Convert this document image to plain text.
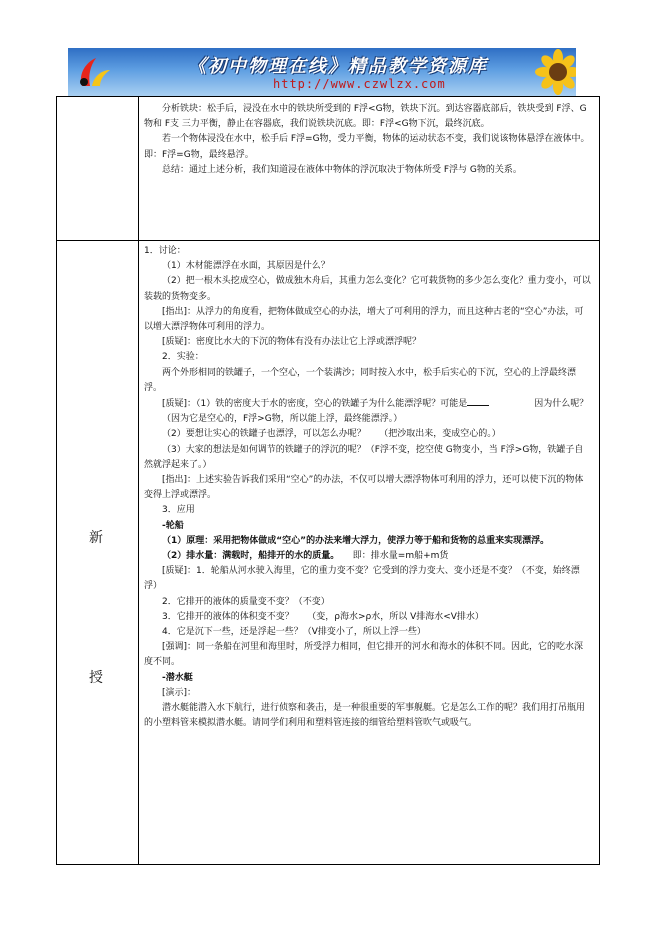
《初中物理在线》精品教学资源库
http://www.czwlzx.com

分析铁块：松手后，浸没在水中的铁块所受到的 F浮<G物，铁块下沉。到达容器底部后，铁块受到 F浮、G物和 F支 三力平衡，静止在容器底，我们说铁块沉底。即：F浮<G物下沉，最终沉底。

若一个物体浸没在水中，松手后 F浮=G物，受力平衡，物体的运动状态不变，我们说该物体悬浮在液体中。即：F浮=G物，最终悬浮。

总结：通过上述分析，我们知道浸在液体中物体的浮沉取决于物体所受 F浮与 G物的关系。

新
授

1．讨论：

（1）木材能漂浮在水面，其原因是什么？

（2）把一根木头挖成空心，做成独木舟后，其重力怎么变化？它可载货物的多少怎么变化？重力变小，可以装载的货物变多。

[指出]：从浮力的角度看，把物体做成空心的办法，增大了可利用的浮力，而且这种古老的“空心”办法，可以增大漂浮物体可利用的浮力。

[质疑]：密度比水大的下沉的物体有没有办法让它上浮或漂浮呢？

2．实验：

两个外形相同的铁罐子，一个空心，一个装满沙；同时按入水中，松手后实心的下沉，空心的上浮最终漂浮。

[质疑]：（1）铁的密度大于水的密度，空心的铁罐子为什么能漂浮呢？可能是　　　　　	因为什么呢？

（因为它是空心的，F浮>G物，所以能上浮，最终能漂浮。）

（2）要想让实心的铁罐子也漂浮，可以怎么办呢？　　（把沙取出来，变成空心的。）

（3）大家的想法是如何调节的铁罐子的浮沉的呢？（F浮不变，挖空使 G物变小，当 F浮>G物，铁罐子自然就浮起来了。）

[指出]：上述实验告诉我们采用“空心”的办法，不仅可以增大漂浮物体可利用的浮力，还可以使下沉的物体变得上浮或漂浮。

3．应用

-轮船

（1）原理：采用把物体做成“空心”的办法来增大浮力，使浮力等于船和货物的总重来实现漂浮。

（2）排水量：满载时，船排开的水的质量。　　 即：排水量=m船+m货

[质疑]：1．轮船从河水驶入海里，它的重力变不变？它受到的浮力变大、变小还是不变？（不变，始终漂浮）

2．它排开的液体的质量变不变？（不变）

3．它排开的液体的体积变不变？　　 （变，ρ海水>ρ水，所以 V排海水<V排水）

4．它是沉下一些，还是浮起一些？（V排变小了，所以上浮一些）

[强调]：同一条船在河里和海里时，所受浮力相同，但它排开的河水和海水的体积不同。因此，它的吃水深度不同。

-潜水艇

[演示]：

潜水艇能潜入水下航行，进行侦察和袭击，是一种很重要的军事舰艇。它是怎么工作的呢？我们用打吊瓶用的小塑料管来模拟潜水艇。请同学们利用和塑料管连接的细管给塑料管吹气或吸气。
